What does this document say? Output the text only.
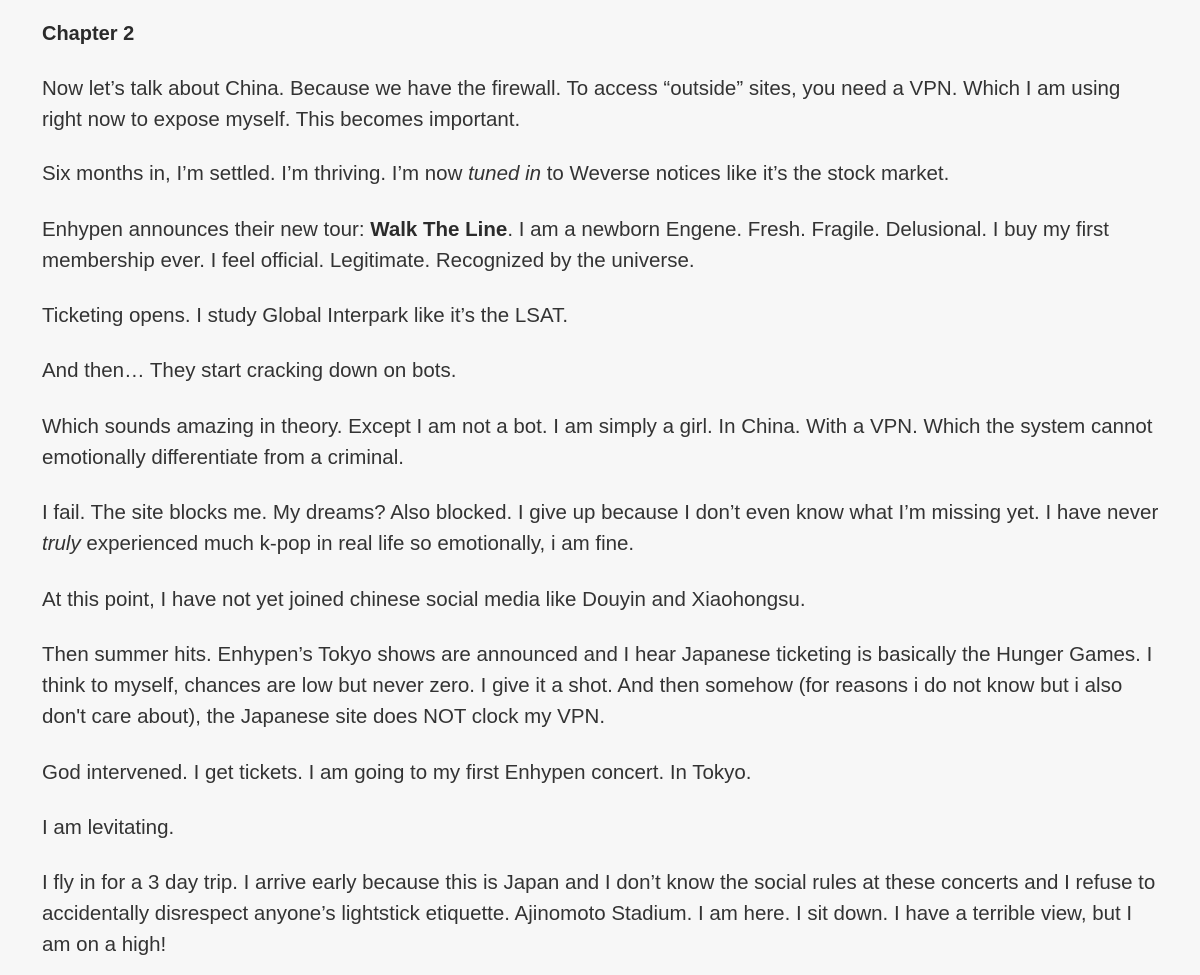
Chapter 2

Now let’s talk about China. Because we have the firewall. To access “outside” sites, you need a VPN. Which I am using right now to expose myself. This becomes important.

Six months in, I’m settled. I’m thriving. I’m now tuned in to Weverse notices like it’s the stock market.

Enhypen announces their new tour: Walk The Line. I am a newborn Engene. Fresh. Fragile. Delusional. I buy my first membership ever. I feel official. Legitimate. Recognized by the universe.

Ticketing opens. I study Global Interpark like it’s the LSAT.

And then… They start cracking down on bots.

Which sounds amazing in theory. Except I am not a bot. I am simply a girl. In China. With a VPN. Which the system cannot emotionally differentiate from a criminal.

I fail. The site blocks me. My dreams? Also blocked. I give up because I don’t even know what I’m missing yet. I have never truly experienced much k-pop in real life so emotionally, i am fine.

At this point, I have not yet joined chinese social media like Douyin and Xiaohongsu.

Then summer hits. Enhypen’s Tokyo shows are announced and I hear Japanese ticketing is basically the Hunger Games. I think to myself, chances are low but never zero. I give it a shot. And then somehow (for reasons i do not know but i also don't care about), the Japanese site does NOT clock my VPN.

God intervened. I get tickets. I am going to my first Enhypen concert. In Tokyo.

I am levitating.

I fly in for a 3 day trip. I arrive early because this is Japan and I don’t know the social rules at these concerts and I refuse to accidentally disrespect anyone’s lightstick etiquette. Ajinomoto Stadium. I am here. I sit down. I have a terrible view, but I am on a high!
